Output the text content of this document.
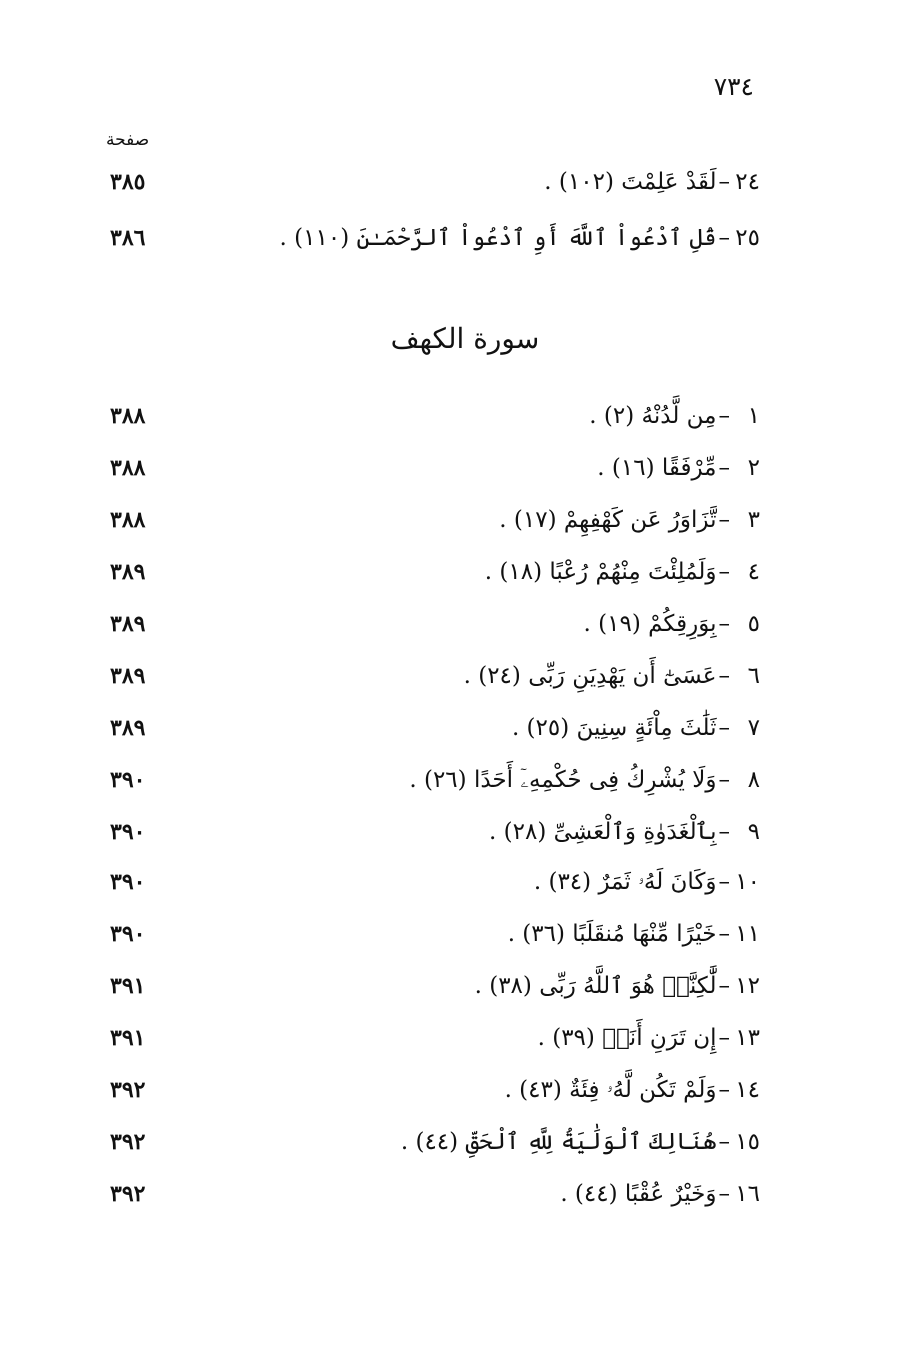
٧٣٤
صفحة
٢٤–لَقَدْ عَلِمْتَ (١٠٢) .
٣٨٥
٢٥–قُلِ ٱدْعُواْ ٱللَّهَ أَوِ ٱدْعُواْ ٱلرَّحْمَـٰنَ (١١٠) .
٣٨٦
سورة الكهف
١–مِن لَّدُنْهُ (٢) .
٣٨٨
٢–مِّرْفَقًا (١٦) .
٣٨٨
٣–تَّزَاوَرُ عَن كَهْفِهِمْ (١٧) .
٣٨٨
٤–وَلَمُلِئْتَ مِنْهُمْ رُعْبًا (١٨) .
٣٨٩
٥–بِوَرِقِكُمْ (١٩) .
٣٨٩
٦–عَسَىٰٓ أَن يَهْدِيَنِ رَبِّى (٢٤) .
٣٨٩
٧–ثَلَٰثَ مِاْئَةٍ سِنِينَ (٢٥) .
٣٨٩
٨–وَلَا يُشْرِكُ فِى حُكْمِهِۦٓ أَحَدًا (٢٦) .
٣٩٠
٩–بِٱلْغَدَوٰةِ وَٱلْعَشِىِّ (٢٨) .
٣٩٠
١٠–وَكَانَ لَهُۥ ثَمَرٌ (٣٤) .
٣٩٠
١١–خَيْرًا مِّنْهَا مُنقَلَبًا (٣٦) .
٣٩٠
١٢–لَّٰكِنَّا۠ هُوَ ٱللَّهُ رَبِّى (٣٨) .
٣٩١
١٣–إِن تَرَنِ أَنَا۠ (٣٩) .
٣٩١
١٤–وَلَمْ تَكُن لَّهُۥ فِئَةٌ (٤٣) .
٣٩٢
١٥–هُنَالِكَ ٱلْوَلَٰيَةُ لِلَّهِ ٱلْحَقِّ (٤٤) .
٣٩٢
١٦–وَخَيْرٌ عُقْبًا (٤٤) .
٣٩٢
